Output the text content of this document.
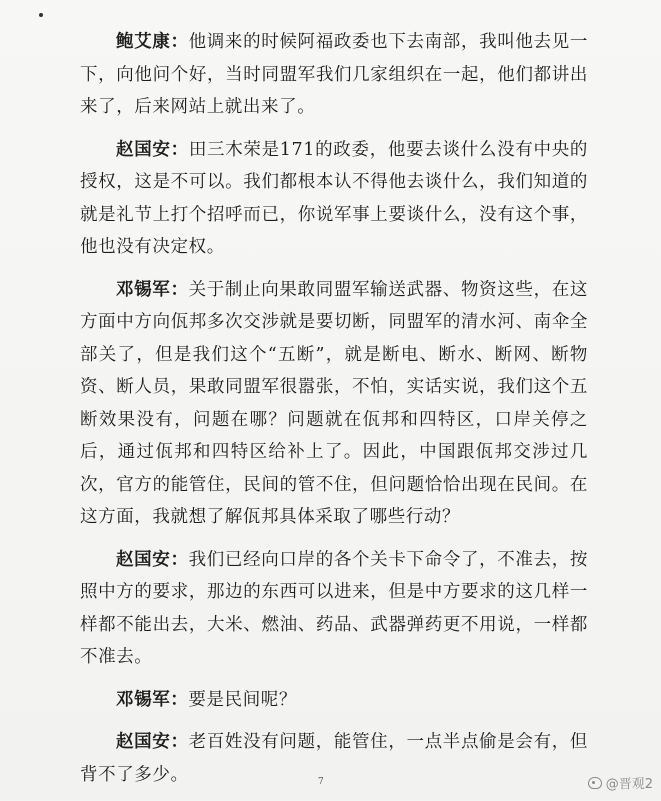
鲍艾康：他调来的时候阿福政委也下去南部，我叫他去见一下，向他问个好，当时同盟军我们几家组织在一起，他们都讲出来了，后来网站上就出来了。

赵国安：田三木荣是171的政委，他要去谈什么没有中央的授权，这是不可以。我们都根本认不得他去谈什么，我们知道的就是礼节上打个招呼而已，你说军事上要谈什么，没有这个事，他也没有决定权。

邓锡军：关于制止向果敢同盟军输送武器、物资这些，在这方面中方向佤邦多次交涉就是要切断，同盟军的清水河、南伞全部关了，但是我们这个“五断”，就是断电、断水、断网、断物资、断人员，果敢同盟军很嚣张，不怕，实话实说，我们这个五断效果没有，问题在哪？问题就在佤邦和四特区，口岸关停之后，通过佤邦和四特区给补上了。因此，中国跟佤邦交涉过几次，官方的能管住，民间的管不住，但问题恰恰出现在民间。在这方面，我就想了解佤邦具体采取了哪些行动？

赵国安：我们已经向口岸的各个关卡下命令了，不准去，按照中方的要求，那边的东西可以进来，但是中方要求的这几样一样都不能出去，大米、燃油、药品、武器弹药更不用说，一样都不准去。

邓锡军：要是民间呢？

赵国安：老百姓没有问题，能管住，一点半点偷是会有，但背不了多少。	7	@晋观2
